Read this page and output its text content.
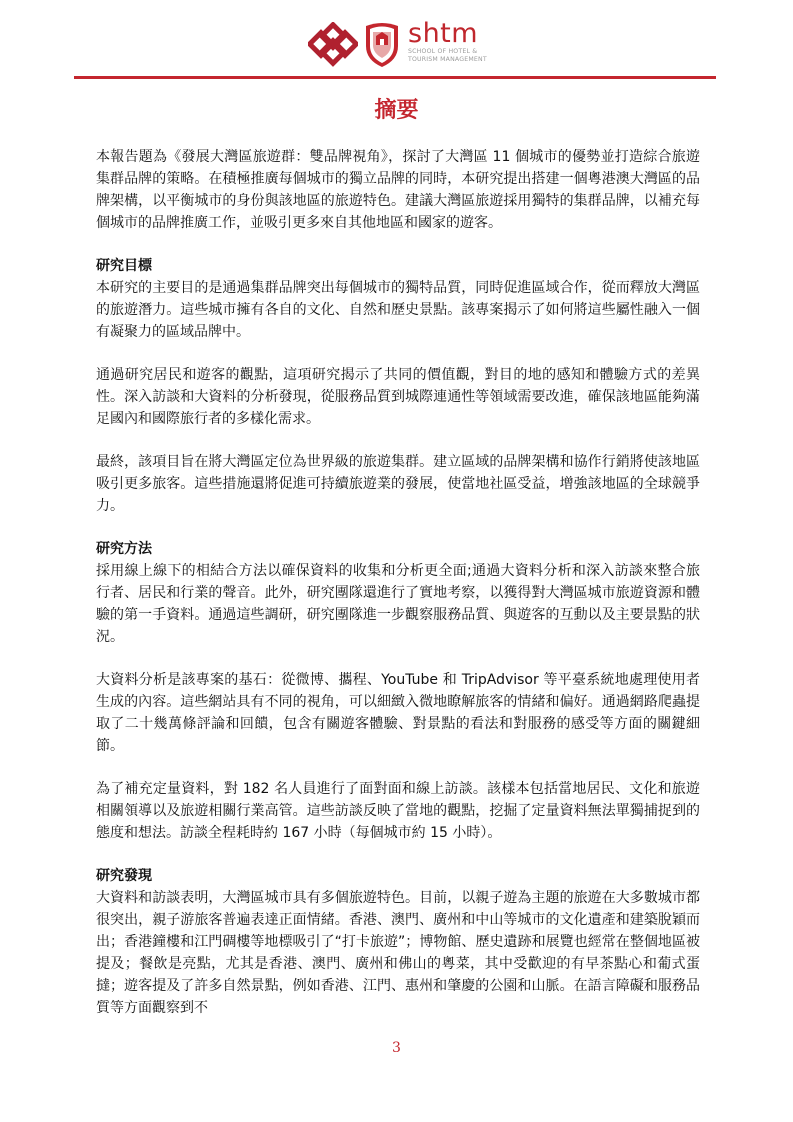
shtm
SCHOOL OF HOTEL & TOURISM MANAGEMENT
摘要

本報告題為《發展大灣區旅遊群：雙品牌視角》，探討了大灣區 11 個城市的優勢並打造綜合旅遊集群品牌的策略。在積極推廣每個城市的獨立品牌的同時，本研究提出搭建一個粵港澳大灣區的品牌架構，以平衡城市的身份與該地區的旅遊特色。建議大灣區旅遊採用獨特的集群品牌，以補充每個城市的品牌推廣工作，並吸引更多來自其他地區和國家的遊客。

研究目標

本研究的主要目的是通過集群品牌突出每個城市的獨特品質，同時促進區域合作，從而釋放大灣區的旅遊潛力。這些城市擁有各自的文化、自然和歷史景點。該專案揭示了如何將這些屬性融入一個有凝聚力的區域品牌中。

通過研究居民和遊客的觀點，這項研究揭示了共同的價值觀，對目的地的感知和體驗方式的差異性。深入訪談和大資料的分析發現，從服務品質到城際連通性等領域需要改進，確保該地區能夠滿足國內和國際旅行者的多樣化需求。

最終，該項目旨在將大灣區定位為世界級的旅遊集群。建立區域的品牌架構和協作行銷將使該地區吸引更多旅客。這些措施還將促進可持續旅遊業的發展，使當地社區受益，增強該地區的全球競爭力。

研究方法

採用線上線下的相結合方法以確保資料的收集和分析更全面;通過大資料分析和深入訪談來整合旅行者、居民和行業的聲音。此外，研究團隊還進行了實地考察，以獲得對大灣區城市旅遊資源和體驗的第一手資料。通過這些調研，研究團隊進一步觀察服務品質、與遊客的互動以及主要景點的狀況。

大資料分析是該專案的基石：從微博、攜程、YouTube 和 TripAdvisor 等平臺系統地處理使用者生成的內容。這些網站具有不同的視角，可以細緻入微地瞭解旅客的情緒和偏好。通過網路爬蟲提取了二十幾萬條評論和回饋，包含有關遊客體驗、對景點的看法和對服務的感受等方面的關鍵細節。

為了補充定量資料，對 182 名人員進行了面對面和線上訪談。該樣本包括當地居民、文化和旅遊相關領導以及旅遊相關行業高管。這些訪談反映了當地的觀點，挖掘了定量資料無法單獨捕捉到的態度和想法。訪談全程耗時約 167 小時（每個城市約 15 小時）。

研究發現

大資料和訪談表明，大灣區城市具有多個旅遊特色。目前，以親子遊為主題的旅遊在大多數城市都很突出，親子游旅客普遍表達正面情緒。香港、澳門、廣州和中山等城市的文化遺產和建築脫穎而出；香港鐘樓和江門碉樓等地標吸引了“打卡旅遊”；博物館、歷史遺跡和展覽也經常在整個地區被提及；餐飲是亮點，尤其是香港、澳門、廣州和佛山的粵菜，其中受歡迎的有早茶點心和葡式蛋撻；遊客提及了許多自然景點，例如香港、江門、惠州和肇慶的公園和山脈。在語言障礙和服務品質等方面觀察到不

3
